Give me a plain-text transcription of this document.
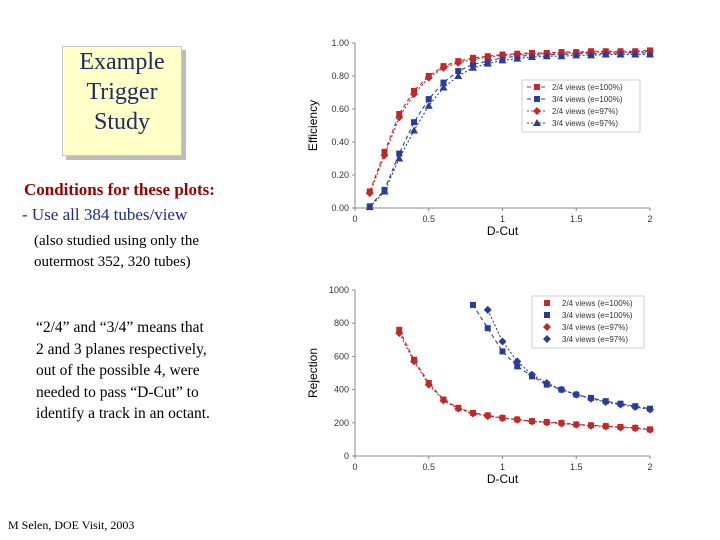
Example
Trigger
Study
Conditions for these plots:
- Use all 384 tubes/view
(also studied using only the
outermost 352, 320 tubes)
“2/4” and “3/4” means that
2 and 3 planes respectively,
out of the possible 4, were
needed to pass “D-Cut” to
identify a track in an octant.
M Selen, DOE Visit, 2003
0.00
0.20
0.40
0.60
0.80
1.00
0	0.5	1	1.5	2
D-Cut
Efficiency
2/4 views (e=100%)
3/4 views (e=100%)
2/4 views (e=97%)
3/4 views (e=97%)
0
200
400
600
800
1000
0	0.5	1	1.5	2
D-Cut
Rejection
2/4 views (e=100%)
3/4 views (e=100%)
3/4 views (e=97%)
3/4 views (e=97%)
